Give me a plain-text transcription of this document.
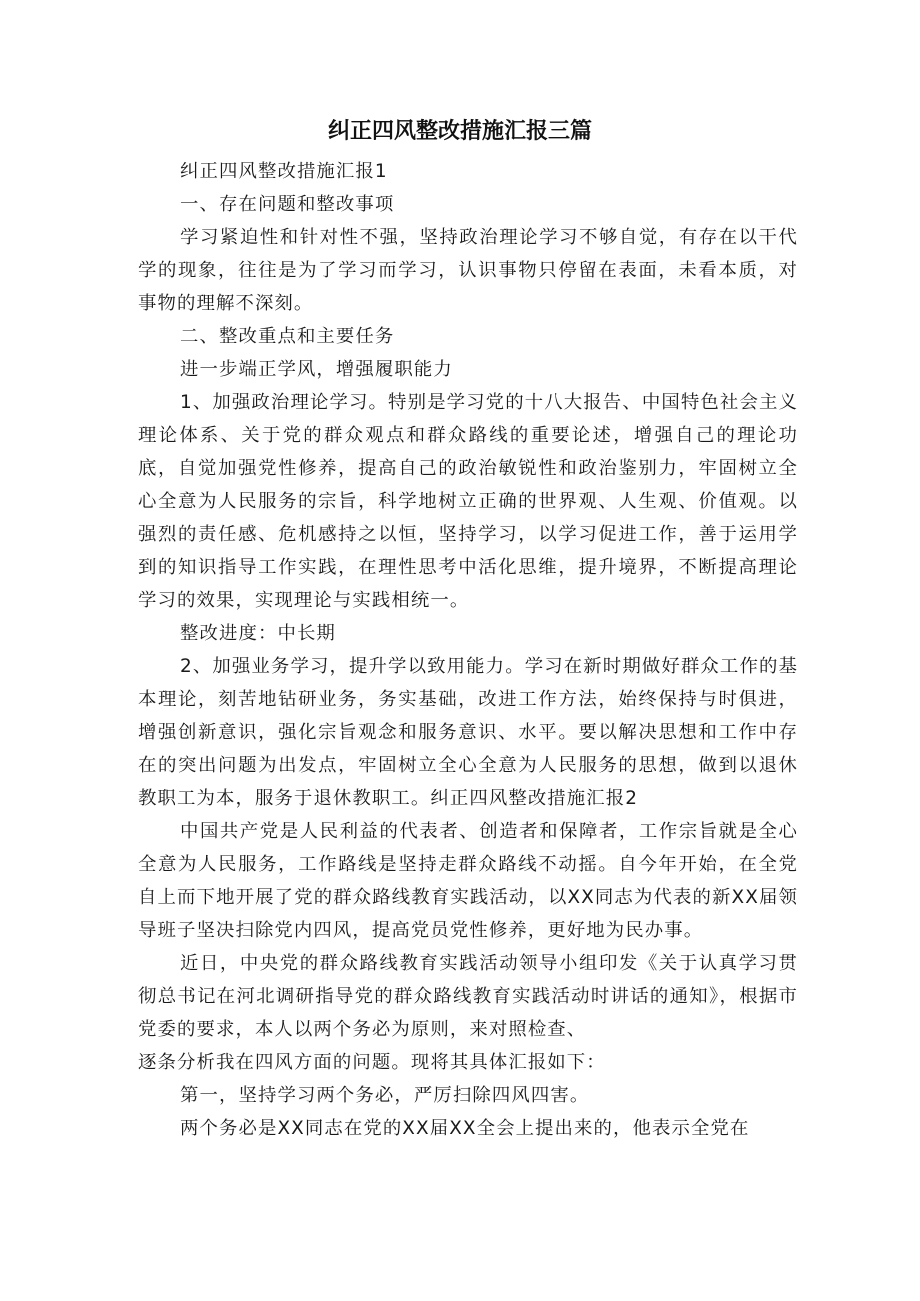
纠正四风整改措施汇报三篇

纠正四风整改措施汇报1

一、存在问题和整改事项

学习紧迫性和针对性不强，坚持政治理论学习不够自觉，有存在以干代学的现象，往往是为了学习而学习，认识事物只停留在表面，未看本质，对事物的理解不深刻。

二、整改重点和主要任务

进一步端正学风，增强履职能力

1、加强政治理论学习。特别是学习党的十八大报告、中国特色社会主义理论体系、关于党的群众观点和群众路线的重要论述，增强自己的理论功底，自觉加强党性修养，提高自己的政治敏锐性和政治鉴别力，牢固树立全心全意为人民服务的宗旨，科学地树立正确的世界观、人生观、价值观。以强烈的责任感、危机感持之以恒，坚持学习，以学习促进工作，善于运用学到的知识指导工作实践，在理性思考中活化思维，提升境界，不断提高理论学习的效果，实现理论与实践相统一。

整改进度：中长期

2、加强业务学习，提升学以致用能力。学习在新时期做好群众工作的基本理论，刻苦地钻研业务，务实基础，改进工作方法，始终保持与时俱进，增强创新意识，强化宗旨观念和服务意识、水平。要以解决思想和工作中存在的突出问题为出发点，牢固树立全心全意为人民服务的思想，做到以退休教职工为本，服务于退休教职工。纠正四风整改措施汇报2

中国共产党是人民利益的代表者、创造者和保障者，工作宗旨就是全心全意为人民服务，工作路线是坚持走群众路线不动摇。自今年开始，在全党自上而下地开展了党的群众路线教育实践活动，以XX同志为代表的新XX届领导班子坚决扫除党内四风，提高党员党性修养，更好地为民办事。

近日，中央党的群众路线教育实践活动领导小组印发《关于认真学习贯彻总书记在河北调研指导党的群众路线教育实践活动时讲话的通知》，根据市党委的要求，本人以两个务必为原则，来对照检查、

逐条分析我在四风方面的问题。现将其具体汇报如下：

第一，坚持学习两个务必，严厉扫除四风四害。

两个务必是XX同志在党的XX届XX全会上提出来的，他表示全党在
